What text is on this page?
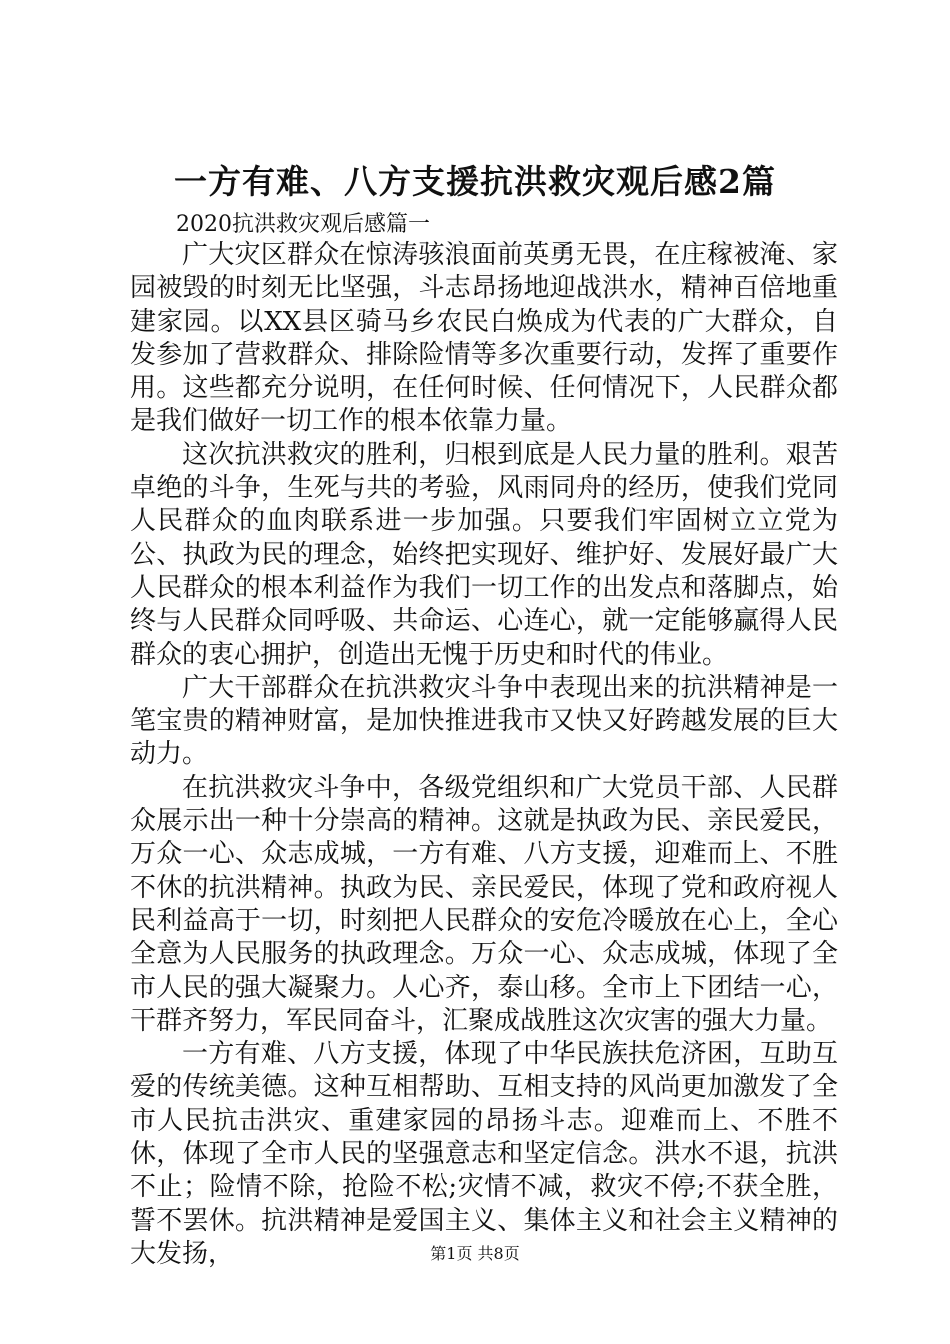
一方有难、八方支援抗洪救灾观后感2篇
2020抗洪救灾观后感篇一

广大灾区群众在惊涛骇浪面前英勇无畏，在庄稼被淹、家园被毁的时刻无比坚强，斗志昂扬地迎战洪水，精神百倍地重建家园。以XX县区骑马乡农民白焕成为代表的广大群众，自发参加了营救群众、排除险情等多次重要行动，发挥了重要作用。这些都充分说明，在任何时候、任何情况下，人民群众都是我们做好一切工作的根本依靠力量。

这次抗洪救灾的胜利，归根到底是人民力量的胜利。艰苦卓绝的斗争，生死与共的考验，风雨同舟的经历，使我们党同人民群众的血肉联系进一步加强。只要我们牢固树立立党为公、执政为民的理念，始终把实现好、维护好、发展好最广大人民群众的根本利益作为我们一切工作的出发点和落脚点，始终与人民群众同呼吸、共命运、心连心，就一定能够赢得人民群众的衷心拥护，创造出无愧于历史和时代的伟业。

广大干部群众在抗洪救灾斗争中表现出来的抗洪精神是一笔宝贵的精神财富，是加快推进我市又快又好跨越发展的巨大动力。

在抗洪救灾斗争中，各级党组织和广大党员干部、人民群众展示出一种十分崇高的精神。这就是执政为民、亲民爱民，万众一心、众志成城，一方有难、八方支援，迎难而上、不胜不休的抗洪精神。执政为民、亲民爱民，体现了党和政府视人民利益高于一切，时刻把人民群众的安危冷暖放在心上，全心全意为人民服务的执政理念。万众一心、众志成城，体现了全市人民的强大凝聚力。人心齐，泰山移。全市上下团结一心，干群齐努力，军民同奋斗，汇聚成战胜这次灾害的强大力量。

一方有难、八方支援，体现了中华民族扶危济困，互助互爱的传统美德。这种互相帮助、互相支持的风尚更加激发了全市人民抗击洪灾、重建家园的昂扬斗志。迎难而上、不胜不休，体现了全市人民的坚强意志和坚定信念。洪水不退，抗洪不止；险情不除，抢险不松;灾情不减，救灾不停;不获全胜，誓不罢休。抗洪精神是爱国主义、集体主义和社会主义精神的大发扬，	第1页 共8页
